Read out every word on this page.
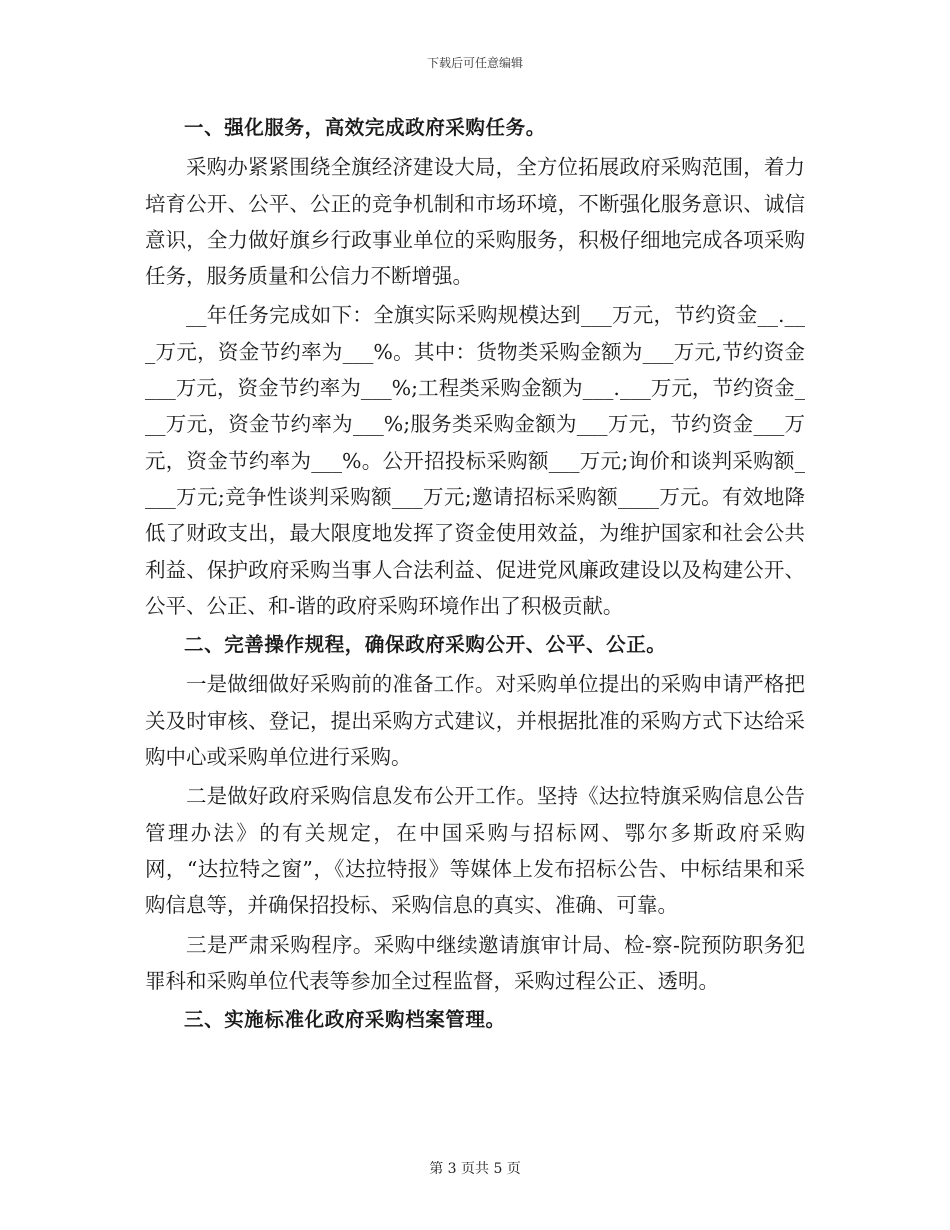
下载后可任意编辑

一、强化服务，高效完成政府采购任务。

采购办紧紧围绕全旗经济建设大局，全方位拓展政府采购范围，着力培育公开、公平、公正的竞争机制和市场环境，不断强化服务意识、诚信意识，全力做好旗乡行政事业单位的采购服务，积极仔细地完成各项采购任务，服务质量和公信力不断增强。

__年任务完成如下：全旗实际采购规模达到___万元，节约资金__.___万元，资金节约率为___%。其中：货物类采购金额为___万元,节约资金___万元，资金节约率为___%;工程类采购金额为___.___万元，节约资金___万元，资金节约率为___%;服务类采购金额为___万元，节约资金___万元，资金节约率为___%。公开招投标采购额___万元;询价和谈判采购额____万元;竞争性谈判采购额___万元;邀请招标采购额____万元。有效地降低了财政支出，最大限度地发挥了资金使用效益，为维护国家和社会公共利益、保护政府采购当事人合法利益、促进党风廉政建设以及构建公开、公平、公正、和-谐的政府采购环境作出了积极贡献。

二、完善操作规程，确保政府采购公开、公平、公正。

一是做细做好采购前的准备工作。对采购单位提出的采购申请严格把关及时审核、登记，提出采购方式建议，并根据批准的采购方式下达给采购中心或采购单位进行采购。

二是做好政府采购信息发布公开工作。坚持《达拉特旗采购信息公告管理办法》的有关规定，在中国采购与招标网、鄂尔多斯政府采购网，“达拉特之窗”，《达拉特报》等媒体上发布招标公告、中标结果和采购信息等，并确保招投标、采购信息的真实、准确、可靠。

三是严肃采购程序。采购中继续邀请旗审计局、检-察-院预防职务犯罪科和采购单位代表等参加全过程监督，采购过程公正、透明。

三、实施标准化政府采购档案管理。

第 3 页共 5 页
